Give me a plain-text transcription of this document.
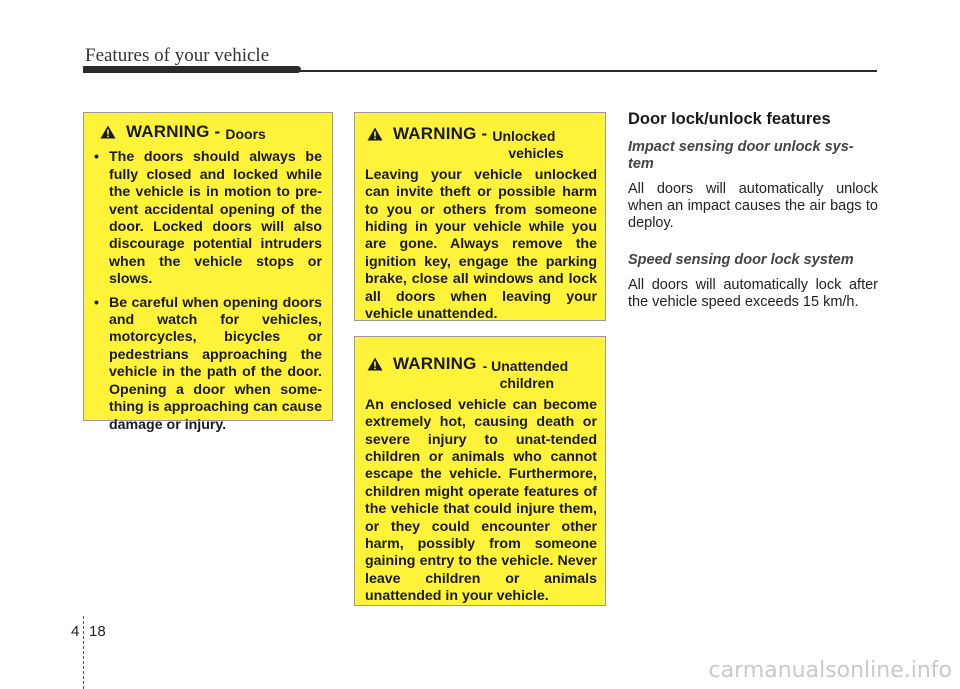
Features of your vehicle
WARNING - Doors
• The doors should always be fully closed and locked while the vehicle is in motion to pre-vent accidental opening of the door. Locked doors will also discourage potential intruders when the vehicle stops or slows.
• Be careful when opening doors and watch for vehicles, motorcycles, bicycles or pedestrians approaching the vehicle in the path of the door. Opening a door when some-thing is approaching can cause damage or injury.
WARNING - Unlocked
vehicles
Leaving your vehicle unlocked can invite theft or possible harm to you or others from someone hiding in your vehicle while you are gone. Always remove the ignition key, engage the parking brake, close all windows and lock all doors when leaving your vehicle unattended.
WARNING - Unattended
children
An enclosed vehicle can become extremely hot, causing death or severe injury to unat-tended children or animals who cannot escape the vehicle. Furthermore, children might operate features of the vehicle that could injure them, or they could encounter other harm, possibly from someone gaining entry to the vehicle. Never leave children or animals unattended in your vehicle.
Door lock/unlock features
Impact sensing door unlock sys-tem
All doors will automatically unlock when an impact causes the air bags to deploy.
Speed sensing door lock system
All doors will automatically lock after the vehicle speed exceeds 15 km/h.
4 18
carmanualsonline.info
